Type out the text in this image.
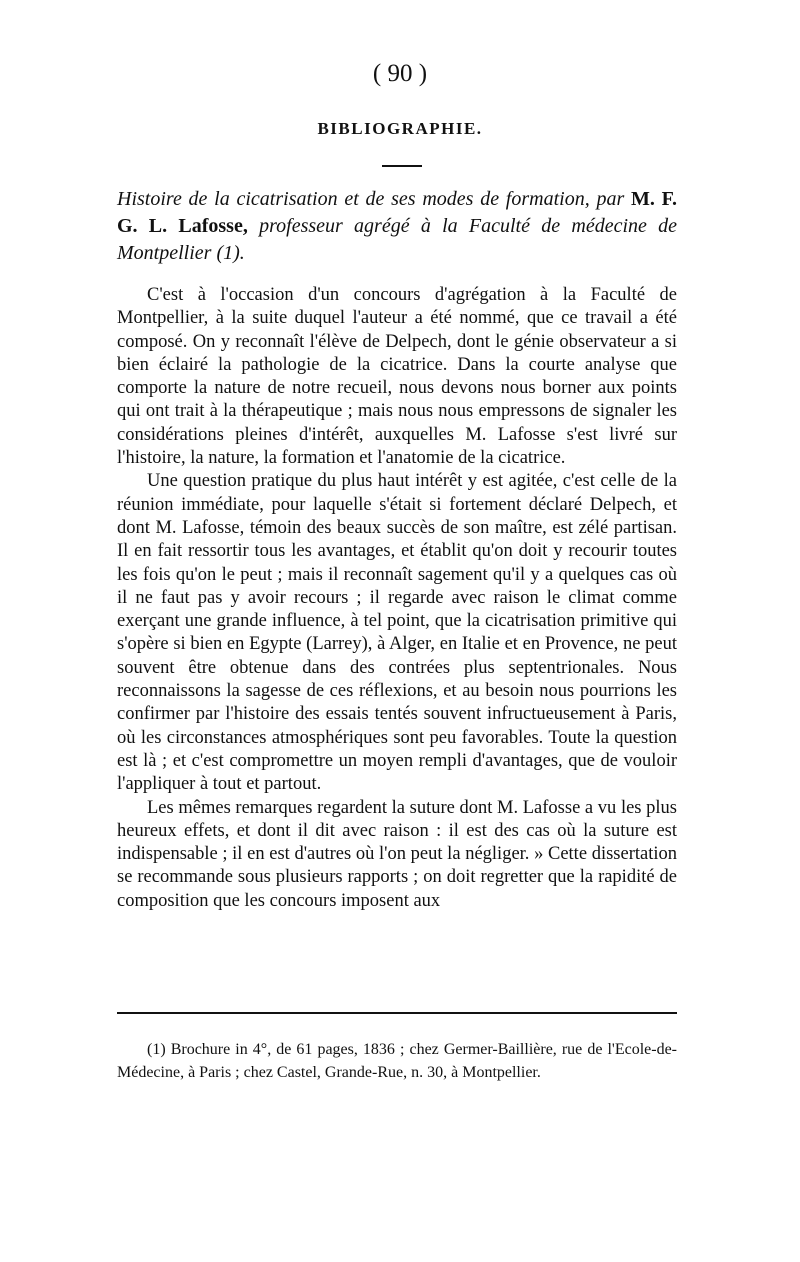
( 90 )
BIBLIOGRAPHIE.

Histoire de la cicatrisation et de ses modes de formation, par M. F. G. L. Lafosse, professeur agrégé à la Faculté de médecine de Montpellier (1).

C'est à l'occasion d'un concours d'agrégation à la Faculté de Montpellier, à la suite duquel l'auteur a été nommé, que ce travail a été composé. On y reconnaît l'élève de Delpech, dont le génie observateur a si bien éclairé la pathologie de la cicatrice. Dans la courte analyse que comporte la nature de notre recueil, nous devons nous borner aux points qui ont trait à la thérapeutique ; mais nous nous empressons de signaler les considérations pleines d'intérêt, auxquelles M. Lafosse s'est livré sur l'histoire, la nature, la formation et l'anatomie de la cicatrice.

Une question pratique du plus haut intérêt y est agitée, c'est celle de la réunion immédiate, pour laquelle s'était si fortement déclaré Delpech, et dont M. Lafosse, témoin des beaux succès de son maître, est zélé partisan. Il en fait ressortir tous les avantages, et établit qu'on doit y recourir toutes les fois qu'on le peut ; mais il reconnaît sagement qu'il y a quelques cas où il ne faut pas y avoir recours ; il regarde avec raison le climat comme exerçant une grande influence, à tel point, que la cicatrisation primitive qui s'opère si bien en Egypte (Larrey), à Alger, en Italie et en Provence, ne peut souvent être obtenue dans des contrées plus septentrionales. Nous reconnaissons la sagesse de ces réflexions, et au besoin nous pourrions les confirmer par l'histoire des essais tentés souvent infructueusement à Paris, où les circonstances atmosphériques sont peu favorables. Toute la question est là ; et c'est compromettre un moyen rempli d'avantages, que de vouloir l'appliquer à tout et partout.

Les mêmes remarques regardent la suture dont M. Lafosse a vu les plus heureux effets, et dont il dit avec raison : il est des cas où la suture est indispensable ; il en est d'autres où l'on peut la négliger. » Cette dissertation se recommande sous plusieurs rapports ; on doit regretter que la rapidité de composition que les concours imposent aux

(1) Brochure in 4°, de 61 pages, 1836 ; chez Germer-Baillière, rue de l'Ecole-de-Médecine, à Paris ; chez Castel, Grande-Rue, n. 30, à Montpellier.
